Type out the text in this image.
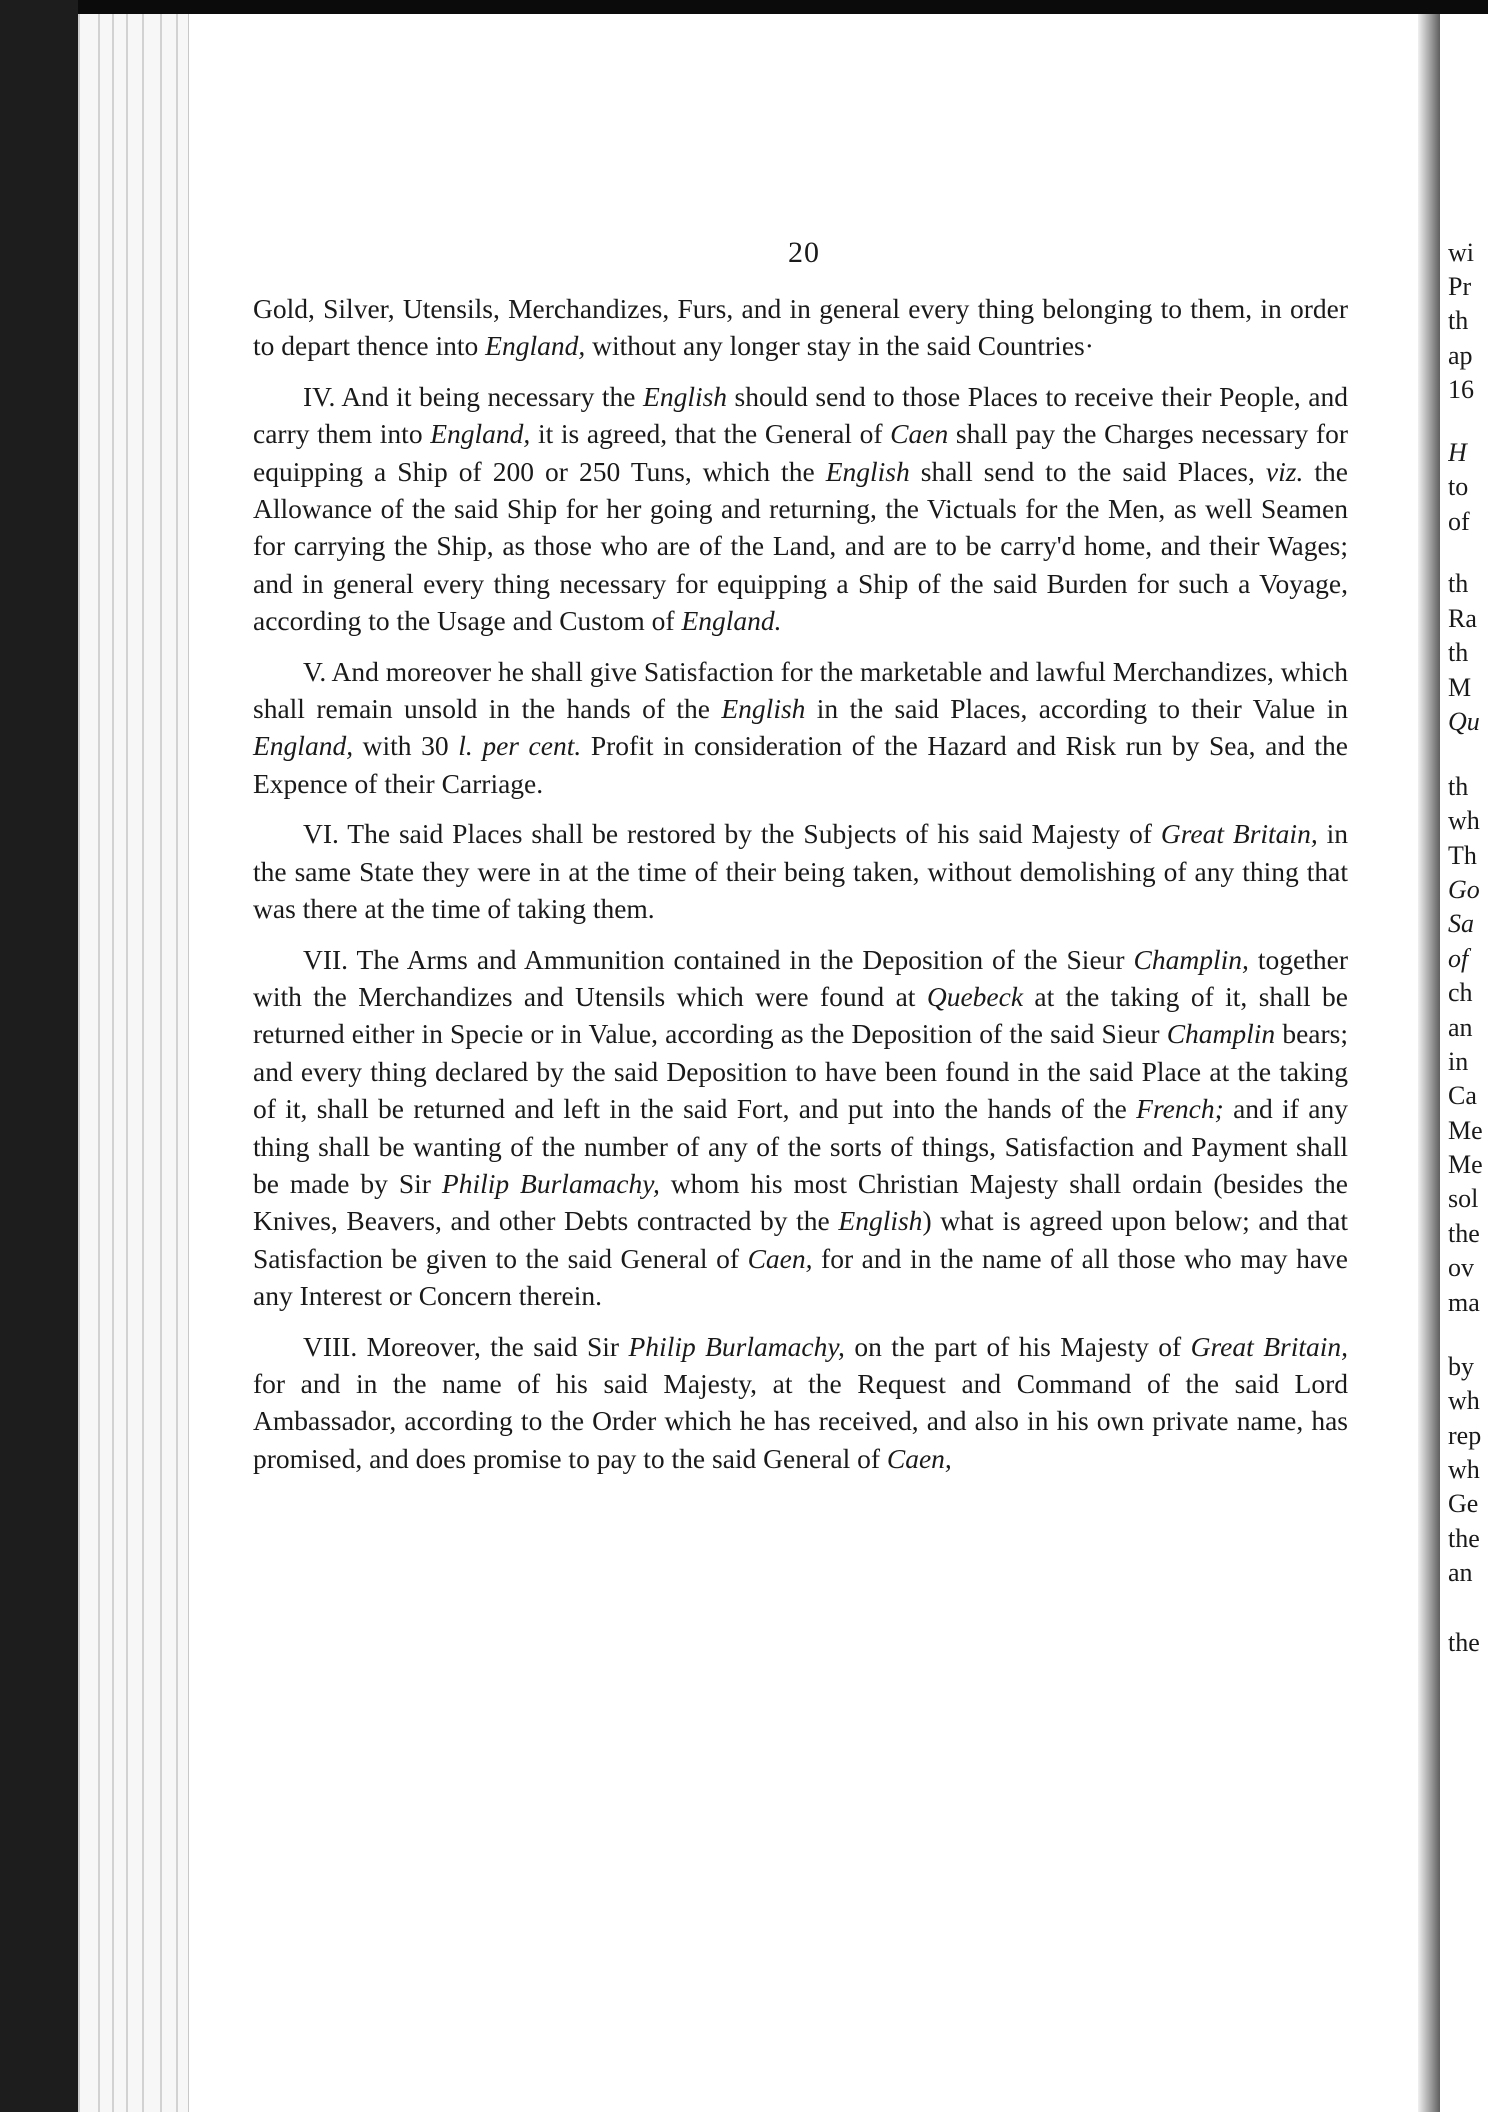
20

Gold, Silver, Utensils, Merchandizes, Furs, and in general every thing belonging to them, in order to depart thence into England, without any longer stay in the said Countries·

IV. And it being necessary the English should send to those Places to receive their People, and carry them into England, it is agreed, that the General of Caen shall pay the Charges necessary for equipping a Ship of 200 or 250 Tuns, which the English shall send to the said Places, viz. the Allowance of the said Ship for her going and returning, the Victuals for the Men, as well Seamen for carrying the Ship, as those who are of the Land, and are to be carry'd home, and their Wages; and in general every thing necessary for equipping a Ship of the said Burden for such a Voyage, according to the Usage and Custom of England.

V. And moreover he shall give Satisfaction for the marketable and lawful Merchandizes, which shall remain unsold in the hands of the English in the said Places, according to their Value in England, with 30 l. per cent. Profit in consideration of the Hazard and Risk run by Sea, and the Expence of their Carriage.

VI. The said Places shall be restored by the Subjects of his said Majesty of Great Britain, in the same State they were in at the time of their being taken, without demolishing of any thing that was there at the time of taking them.

VII. The Arms and Ammunition contained in the Deposition of the Sieur Champlin, together with the Merchandizes and Utensils which were found at Quebeck at the taking of it, shall be returned either in Specie or in Value, according as the Deposition of the said Sieur Champlin bears; and every thing declared by the said Deposition to have been found in the said Place at the taking of it, shall be returned and left in the said Fort, and put into the hands of the French; and if any thing shall be wanting of the number of any of the sorts of things, Satisfaction and Payment shall be made by Sir Philip Burlamachy, whom his most Christian Majesty shall ordain (besides the Knives, Beavers, and other Debts contracted by the English) what is agreed upon below; and that Satisfaction be given to the said General of Caen, for and in the name of all those who may have any Interest or Concern therein.

VIII. Moreover, the said Sir Philip Burlamachy, on the part of his Majesty of Great Britain, for and in the name of his said Majesty, at the Request and Command of the said Lord Ambassador, according to the Order which he has received, and also in his own private name, has promised, and does promise to pay to the said General of Caen,

wi
Pr
th
ap
16
H
to
of
th
Ra
th
M
Qu
th
wh
Th
Go
Sa
of
ch
an
in
Ca
Me
Me
sol
the
ov
ma
by
wh
rep
wh
Ge
the
an
the
